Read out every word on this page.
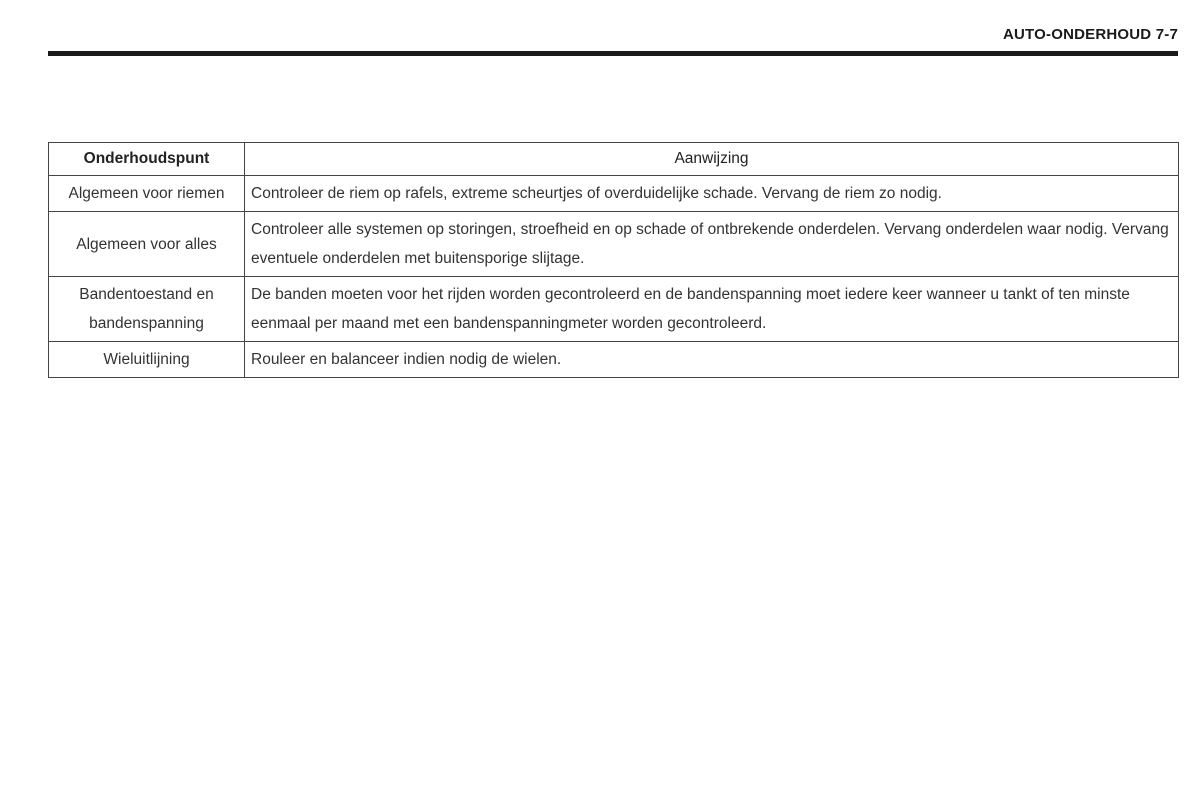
AUTO-ONDERHOUD 7-7
Onderhoudspunt	Aanwijzing
Algemeen voor riemen	Controleer de riem op rafels, extreme scheurtjes of overduidelijke schade. Vervang de riem zo nodig.
Algemeen voor alles	Controleer alle systemen op storingen, stroefheid en op schade of ontbrekende onderdelen. Vervang onderdelen waar nodig. Vervang eventuele onderdelen met buitensporige slijtage.
Bandentoestand en bandenspanning	De banden moeten voor het rijden worden gecontroleerd en de bandenspanning moet iedere keer wanneer u tankt of ten minste eenmaal per maand met een bandenspanningmeter worden gecontroleerd.
Wieluitlijning	Rouleer en balanceer indien nodig de wielen.
